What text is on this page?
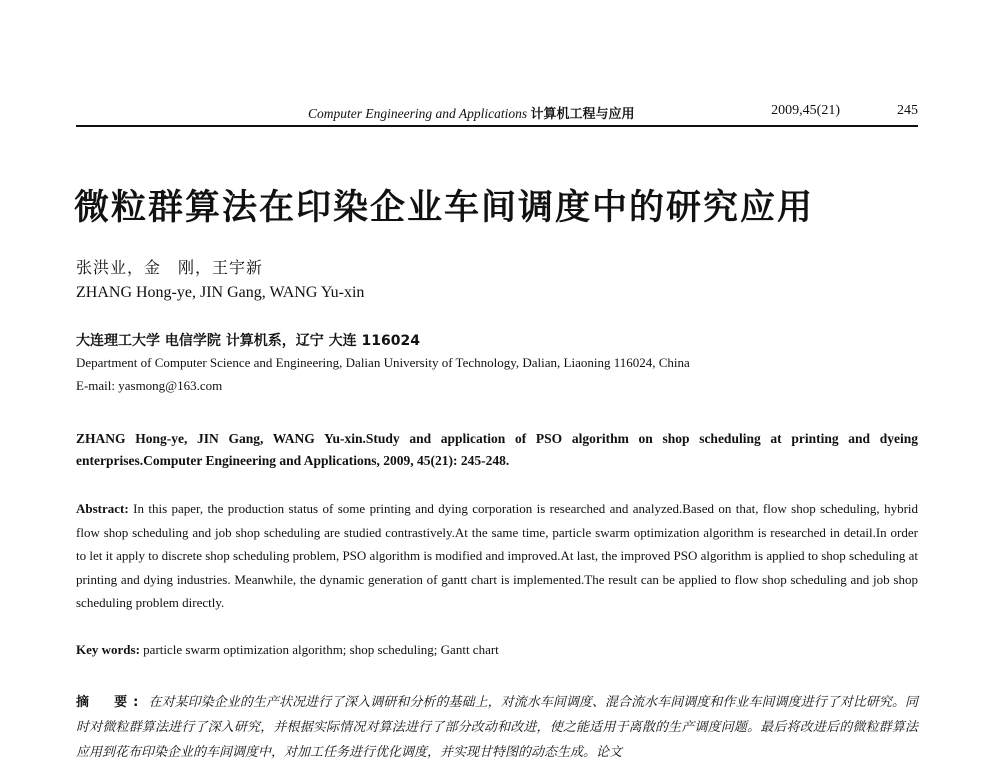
Computer Engineering and Applications 计算机工程与应用	2009,45(21)	245
微粒群算法在印染企业车间调度中的研究应用
张洪业，金　刚，王宇新
ZHANG Hong-ye, JIN Gang, WANG Yu-xin
大连理工大学 电信学院 计算机系，辽宁 大连 116024
Department of Computer Science and Engineering, Dalian University of Technology, Dalian, Liaoning 116024, China
E-mail: yasmong@163.com
ZHANG Hong-ye, JIN Gang, WANG Yu-xin.Study and application of PSO algorithm on shop scheduling at printing and dyeing enterprises.Computer Engineering and Applications, 2009, 45(21): 245-248.
Abstract: In this paper, the production status of some printing and dying corporation is researched and analyzed.Based on that, flow shop scheduling, hybrid flow shop scheduling and job shop scheduling are studied contrastively.At the same time, particle swarm optimization algorithm is researched in detail.In order to let it apply to discrete shop scheduling problem, PSO algorithm is modified and improved.At last, the improved PSO algorithm is applied to shop scheduling at printing and dying industries. Meanwhile, the dynamic generation of gantt chart is implemented.The result can be applied to flow shop scheduling and job shop scheduling problem directly.
Key words: particle swarm optimization algorithm; shop scheduling; Gantt chart
摘　要: 在对某印染企业的生产状况进行了深入调研和分析的基础上，对流水车间调度、混合流水车间调度和作业车间调度进行了对比研究。同时对微粒群算法进行了深入研究，并根据实际情况对算法进行了部分改动和改进，使之能适用于离散的生产调度问题。最后将改进后的微粒群算法应用到花布印染企业的车间调度中，对加工任务进行优化调度，并实现甘特图的动态生成。论文
